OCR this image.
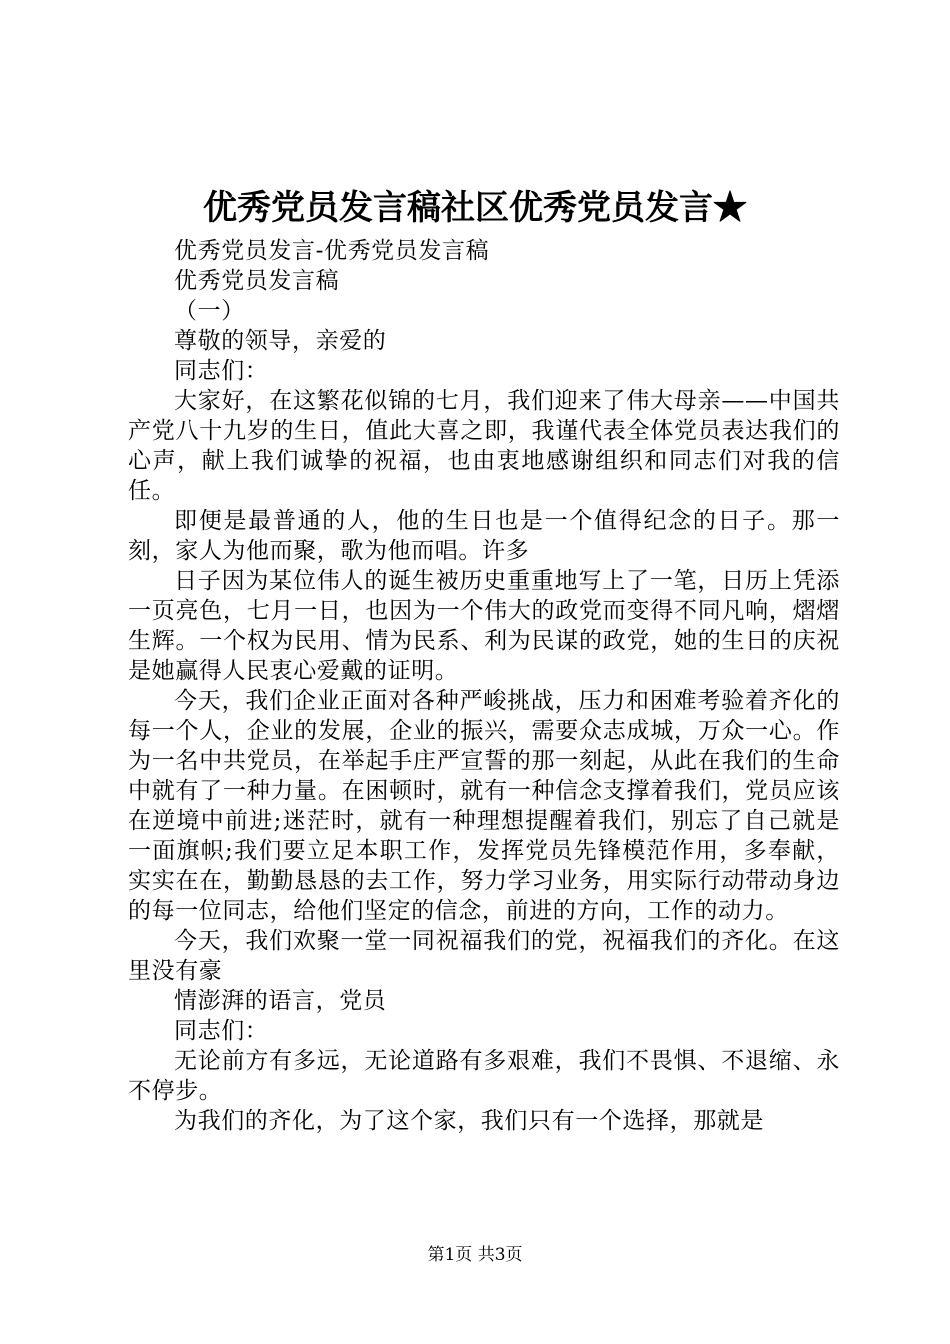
优秀党员发言稿社区优秀党员发言★

优秀党员发言-优秀党员发言稿

优秀党员发言稿

（一）

尊敬的领导，亲爱的

同志们：

大家好，在这繁花似锦的七月，我们迎来了伟大母亲——中国共产党八十九岁的生日，值此大喜之即，我谨代表全体党员表达我们的心声，献上我们诚挚的祝福，也由衷地感谢组织和同志们对我的信任。

即便是最普通的人，他的生日也是一个值得纪念的日子。那一刻，家人为他而聚，歌为他而唱。许多

日子因为某位伟人的诞生被历史重重地写上了一笔，日历上凭添一页亮色，七月一日，也因为一个伟大的政党而变得不同凡响，熠熠生辉。一个权为民用、情为民系、利为民谋的政党，她的生日的庆祝是她赢得人民衷心爱戴的证明。

今天，我们企业正面对各种严峻挑战，压力和困难考验着齐化的每一个人，企业的发展，企业的振兴，需要众志成城，万众一心。作为一名中共党员，在举起手庄严宣誓的那一刻起，从此在我们的生命中就有了一种力量。在困顿时，就有一种信念支撑着我们，党员应该在逆境中前进;迷茫时，就有一种理想提醒着我们，别忘了自己就是一面旗帜;我们要立足本职工作，发挥党员先锋模范作用，多奉献，实实在在，勤勤恳恳的去工作，努力学习业务，用实际行动带动身边的每一位同志，给他们坚定的信念，前进的方向，工作的动力。

今天，我们欢聚一堂一同祝福我们的党，祝福我们的齐化。在这里没有豪

情澎湃的语言，党员

同志们：

无论前方有多远，无论道路有多艰难，我们不畏惧、不退缩、永不停步。

为我们的齐化，为了这个家，我们只有一个选择，那就是

第1页 共3页
